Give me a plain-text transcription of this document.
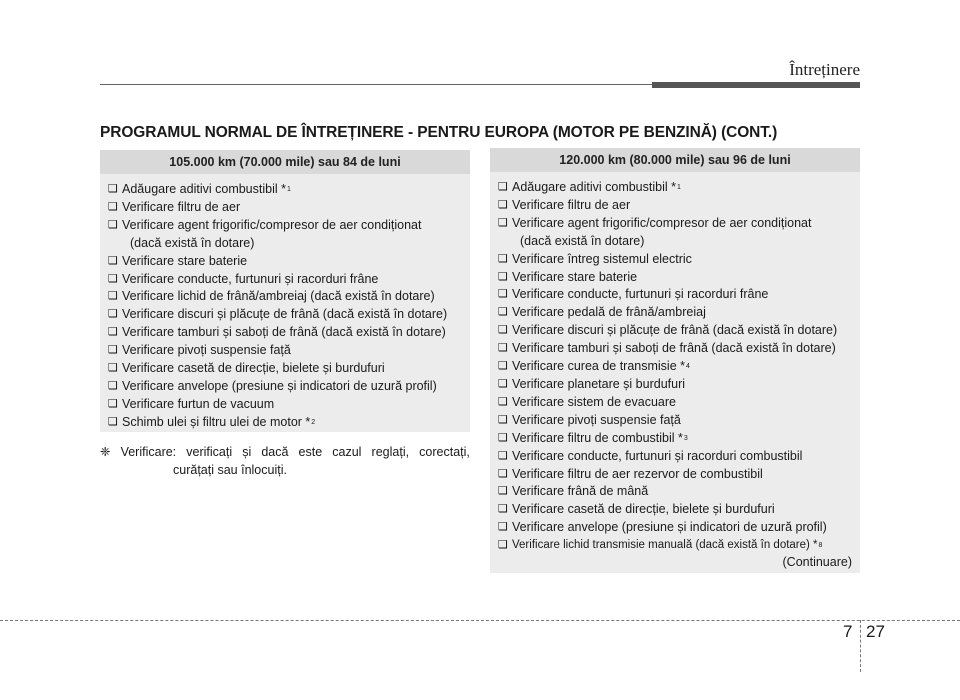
Întreținere
PROGRAMUL NORMAL DE ÎNTREȚINERE - PENTRU EUROPA (MOTOR PE BENZINĂ) (CONT.)
105.000 km (70.000 mile) sau 84 de luni
❑ Adăugare aditivi combustibil * 1
❑ Verificare filtru de aer
❑ Verificare agent frigorific/compresor de aer condiționat
(dacă există în dotare)
❑ Verificare stare baterie
❑ Verificare conducte, furtunuri și racorduri frâne
❑ Verificare lichid de frână/ambreiaj (dacă există în dotare)
❑ Verificare discuri și plăcuțe de frână (dacă există în dotare)
❑ Verificare tamburi și saboți de frână (dacă există în dotare)
❑ Verificare pivoți suspensie față
❑ Verificare casetă de direcție, bielete și burdufuri
❑ Verificare anvelope (presiune și indicatori de uzură profil)
❑ Verificare furtun de vacuum
❑ Schimb ulei și filtru ulei de motor * 2
❈ Verificare: verificați și dacă este cazul reglați, corectați,
curățați sau înlocuiți.
120.000 km (80.000 mile) sau 96 de luni
❑ Adăugare aditivi combustibil * 1
❑ Verificare filtru de aer
❑ Verificare agent frigorific/compresor de aer condiționat
(dacă există în dotare)
❑ Verificare întreg sistemul electric
❑ Verificare stare baterie
❑ Verificare conducte, furtunuri și racorduri frâne
❑ Verificare pedală de frână/ambreiaj
❑ Verificare discuri și plăcuțe de frână (dacă există în dotare)
❑ Verificare tamburi și saboți de frână (dacă există în dotare)
❑ Verificare curea de transmisie * 4
❑ Verificare planetare și burdufuri
❑ Verificare sistem de evacuare
❑ Verificare pivoți suspensie față
❑ Verificare filtru de combustibil * 3
❑ Verificare conducte, furtunuri și racorduri combustibil
❑ Verificare filtru de aer rezervor de combustibil
❑ Verificare frână de mână
❑ Verificare casetă de direcție, bielete și burdufuri
❑ Verificare anvelope (presiune și indicatori de uzură profil)
❑ Verificare lichid transmisie manuală (dacă există în dotare) * 8
(Continuare)
7 27
